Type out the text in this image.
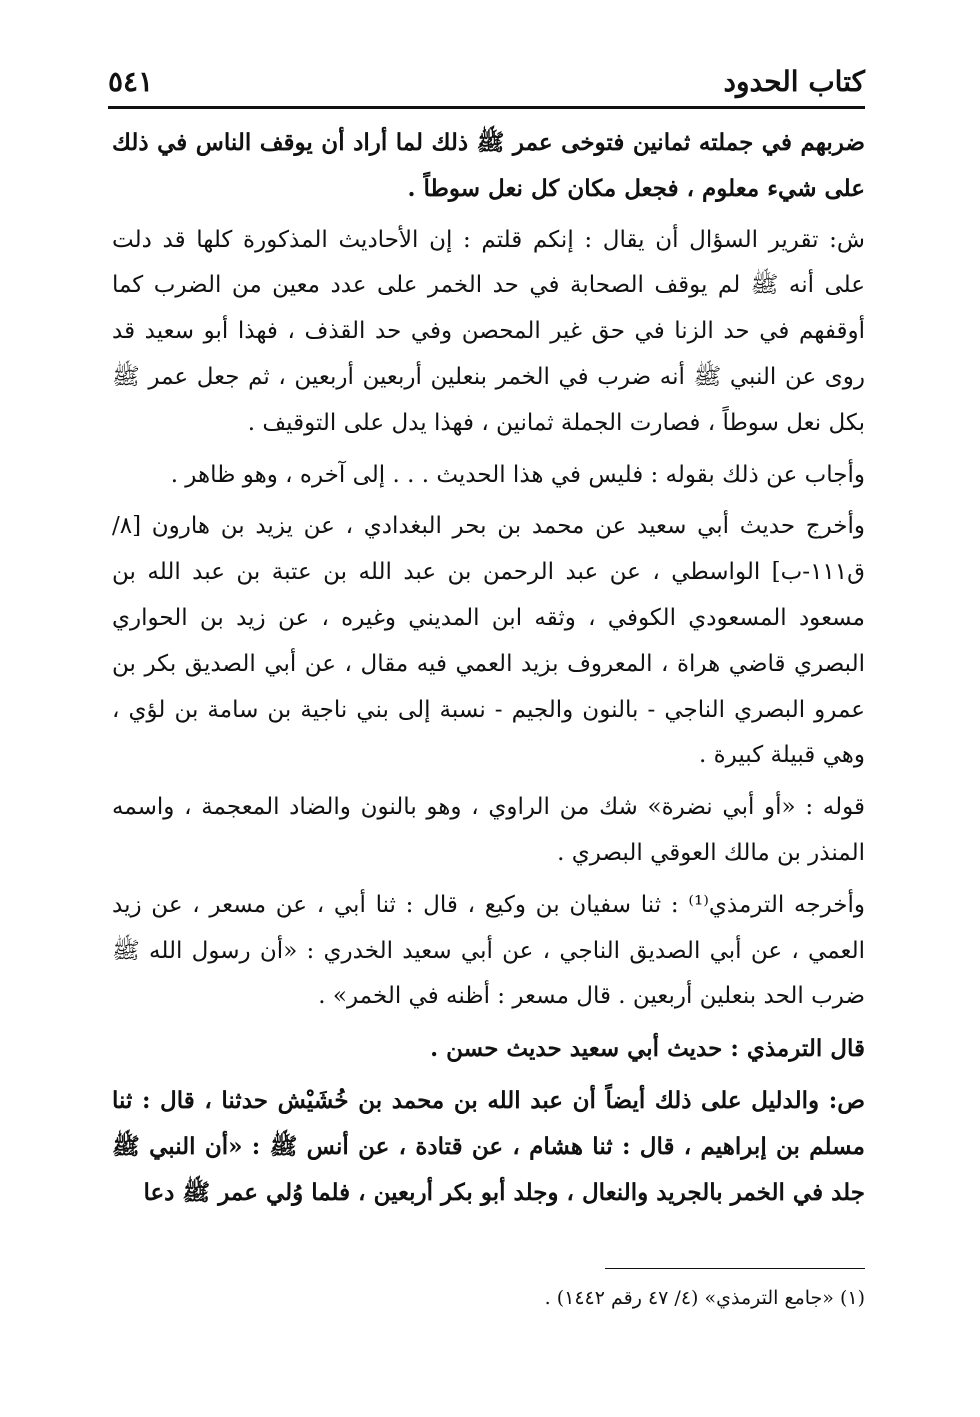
كتاب الحدود
٥٤١

ضربهم في جملته ثمانين فتوخى عمر ﷺ ذلك لما أراد أن يوقف الناس في ذلك على شيء معلوم ، فجعل مكان كل نعل سوطاً .

ش: تقرير السؤال أن يقال : إنكم قلتم : إن الأحاديث المذكورة كلها قد دلت على أنه ﷺ لم يوقف الصحابة في حد الخمر على عدد معين من الضرب كما أوقفهم في حد الزنا في حق غير المحصن وفي حد القذف ، فهذا أبو سعيد قد روى عن النبي ﷺ أنه ضرب في الخمر بنعلين أربعين أربعين ، ثم جعل عمر ﷺ بكل نعل سوطاً ، فصارت الجملة ثمانين ، فهذا يدل على التوقيف .

وأجاب عن ذلك بقوله : فليس في هذا الحديث . . . إلى آخره ، وهو ظاهر .

وأخرج حديث أبي سعيد عن محمد بن بحر البغدادي ، عن يزيد بن هارون [٨/ ق١١١-ب] الواسطي ، عن عبد الرحمن بن عبد الله بن عتبة بن عبد الله بن مسعود المسعودي الكوفي ، وثقه ابن المديني وغيره ، عن زيد بن الحواري البصري قاضي هراة ، المعروف بزيد العمي فيه مقال ، عن أبي الصديق بكر بن عمرو البصري الناجي - بالنون والجيم - نسبة إلى بني ناجية بن سامة بن لؤي ، وهي قبيلة كبيرة .

قوله : «أو أبي نضرة» شك من الراوي ، وهو بالنون والضاد المعجمة ، واسمه المنذر بن مالك العوقي البصري .

وأخرجه الترمذي⁽¹⁾ : ثنا سفيان بن وكيع ، قال : ثنا أبي ، عن مسعر ، عن زيد العمي ، عن أبي الصديق الناجي ، عن أبي سعيد الخدري : «أن رسول الله ﷺ ضرب الحد بنعلين أربعين . قال مسعر : أظنه في الخمر» .

قال الترمذي : حديث أبي سعيد حديث حسن .

ص: والدليل على ذلك أيضاً أن عبد الله بن محمد بن خُشَيْش حدثنا ، قال : ثنا مسلم بن إبراهيم ، قال : ثنا هشام ، عن قتادة ، عن أنس ﷺ : «أن النبي ﷺ جلد في الخمر بالجريد والنعال ، وجلد أبو بكر أربعين ، فلما وُلي عمر ﷺ دعا

(١) «جامع الترمذي» (٤/ ٤٧ رقم ١٤٤٢) .
